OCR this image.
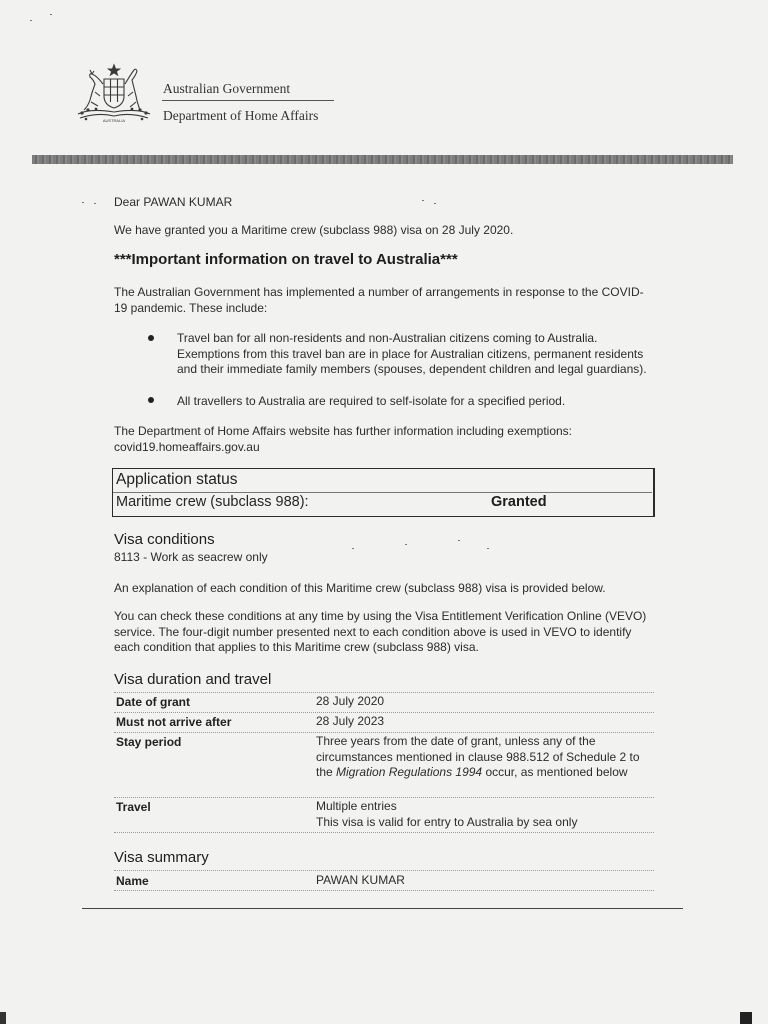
AUSTRALIA
Australian Government
Department of Home Affairs
Dear PAWAN KUMAR
We have granted you a Maritime crew (subclass 988) visa on 28 July 2020.
***Important information on travel to Australia***
The Australian Government has implemented a number of arrangements in response to the COVID-19 pandemic. These include:
Travel ban for all non-residents and non-Australian citizens coming to Australia. Exemptions from this travel ban are in place for Australian citizens, permanent residents and their immediate family members (spouses, dependent children and legal guardians).
All travellers to Australia are required to self-isolate for a specified period.
The Department of Home Affairs website has further information including exemptions: covid19.homeaffairs.gov.au
Application status
Maritime crew (subclass 988):	Granted
Visa conditions
8113 - Work as seacrew only
An explanation of each condition of this Maritime crew (subclass 988) visa is provided below.
You can check these conditions at any time by using the Visa Entitlement Verification Online (VEVO) service. The four-digit number presented next to each condition above is used in VEVO to identify each condition that applies to this Maritime crew (subclass 988) visa.
Visa duration and travel
Date of grant	28 July 2020
Must not arrive after	28 July 2023
Stay period	Three years from the date of grant, unless any of the circumstances mentioned in clause 988.512 of Schedule 2 to the Migration Regulations 1994 occur, as mentioned below
Travel	Multiple entries
This visa is valid for entry to Australia by sea only
Visa summary
Name	PAWAN KUMAR
